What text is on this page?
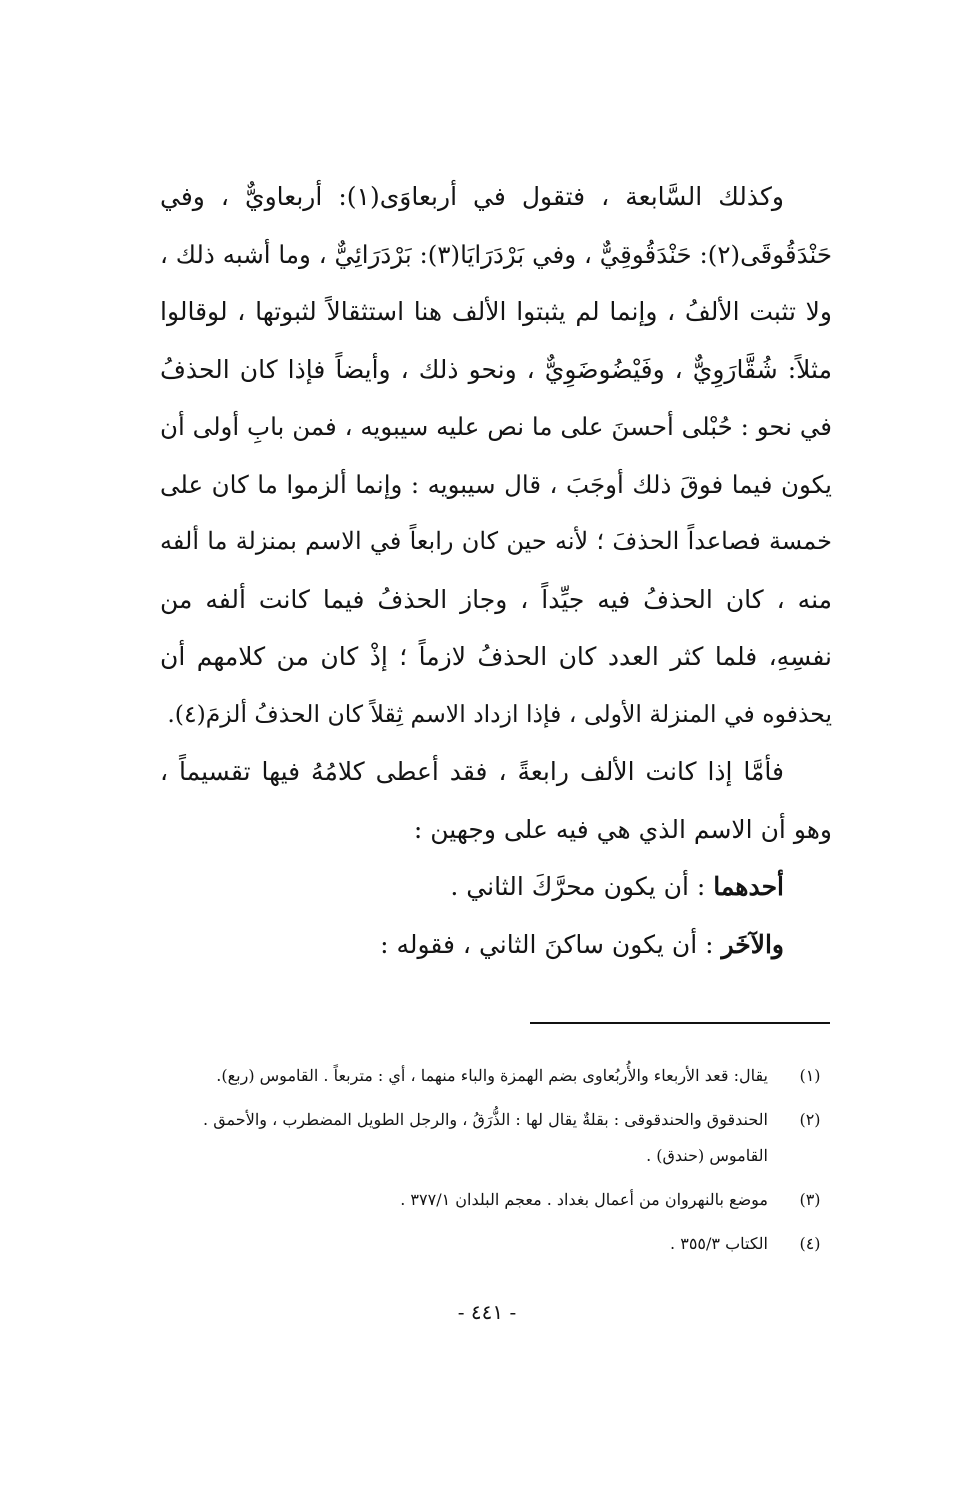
وكذلك السَّابعة ، فتقول في أربعاوَى(١): أربعاويٌّ ، وفي
حَنْدَقُوقَى(٢): حَنْدَقُوقِيٌّ ، وفي بَرْدَرَايَا(٣): بَرْدَرَائِيٌّ ، وما أشبه ذلك ،
ولا تثبت الألفُ ، وإنما لم يثبتوا الألف هنا استثقالاً لثبوتها ، لوقالوا
مثلاً: شُقَّارَوِيٌّ ، وفَيْضُوضَوِيٌّ ، ونحو ذلك ، وأيضاً فإذا كان الحذفُ
في نحو : حُبْلى أحسنَ على ما نص عليه سيبويه ، فمن بابِ أولى أن
يكون فيما فوقَ ذلك أوجَبَ ، قال سيبويه : وإنما ألزموا ما كان على
خمسة فصاعداً الحذفَ ؛ لأنه حين كان رابعاً في الاسم بمنزلة ما ألفه
منه ، كان الحذفُ فيه جيِّداً ، وجاز الحذفُ فيما كانت ألفه من
نفسِهِ، فلما كثر العدد كان الحذفُ لازماً ؛ إذْ كان من كلامهم أن
يحذفوه في المنزلة الأولى ، فإذا ازداد الاسم ثِقلاً كان الحذفُ ألزمَ(٤).
فأمَّا إذا كانت الألف رابعةً ، فقد أعطى كلامُهُ فيها تقسيماً ،
وهو أن الاسم الذي هي فيه على وجهين :
أحدهما : أن يكون محرَّكَ الثاني .
والآخَر : أن يكون ساكنَ الثاني ، فقوله :
(١)
يقال: قعد الأربعاء والأُربُعاوى بضم الهمزة والباء منهما ، أي : متربعاً . القاموس (ربع).
(٢)
الحندقوق والحندقوقى : بقلةٌ يقال لها : الذُّرَقُ ، والرجل الطويل المضطرب ، والأحمق .
القاموس (حندق) .
(٣)
موضع بالنهروان من أعمال بغداد . معجم البلدان ٣٧٧/١ .
(٤)
الكتاب ٣٥٥/٣ .
- ٤٤١ -
